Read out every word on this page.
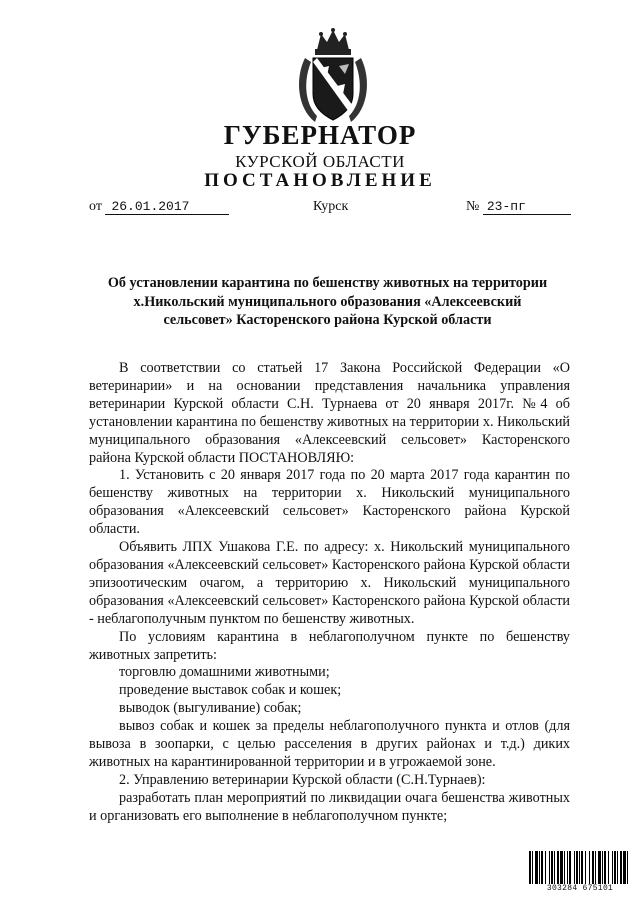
ГУБЕРНАТОР
КУРСКОЙ ОБЛАСТИ
ПОСТАНОВЛЕНИЕ
от 26.01.2017	Курск	№ 23-пг
Об установлении карантина по бешенству животных на территории
х.Никольский муниципального образования «Алексеевский
сельсовет» Касторенского района Курской области

В соответствии со статьей 17 Закона Российской Федерации «О ветеринарии» и на основании представления начальника управления ветеринарии Курской области С.Н. Турнаева от 20 января 2017г. №4 об установлении карантина по бешенству животных на территории х. Никольский муниципального образования «Алексеевский сельсовет» Касторенского района Курской области ПОСТАНОВЛЯЮ:

1. Установить с 20 января 2017 года по 20 марта 2017 года карантин по бешенству животных на территории х. Никольский муниципального образования «Алексеевский сельсовет» Касторенского района Курской области.

Объявить ЛПХ Ушакова Г.Е. по адресу: х. Никольский муниципального образования «Алексеевский сельсовет» Касторенского района Курской области эпизоотическим очагом, а территорию х. Никольский муниципального образования «Алексеевский сельсовет» Касторенского района Курской области - неблагополучным пунктом по бешенству животных.

По условиям карантина в неблагополучном пункте по бешенству животных запретить:

торговлю домашними животными;

проведение выставок собак и кошек;

выводок (выгуливание) собак;

вывоз собак и кошек за пределы неблагополучного пункта и отлов (для вывоза в зоопарки, с целью расселения в других районах и т.д.) диких животных на карантинированной территории и в угрожаемой зоне.

2. Управлению ветеринарии Курской области (С.Н.Турнаев):

разработать план мероприятий по ликвидации очага бешенства животных и организовать его выполнение в неблагополучном пункте;

303284 675101
